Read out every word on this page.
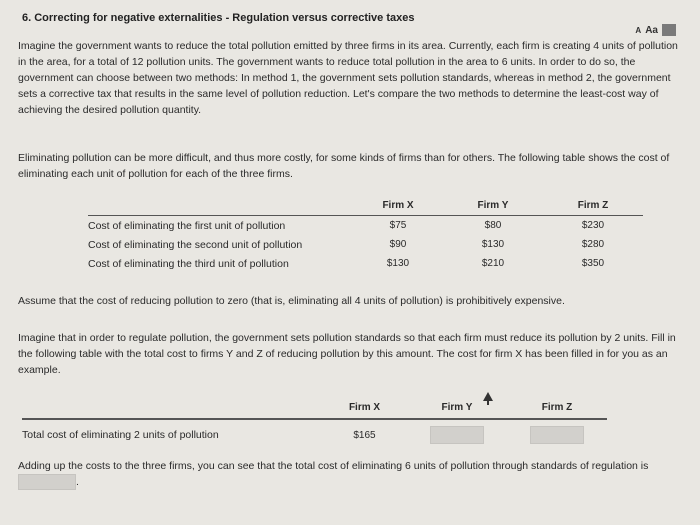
6. Correcting for negative externalities - Regulation versus corrective taxes
A Aa
Imagine the government wants to reduce the total pollution emitted by three firms in its area. Currently, each firm is creating 4 units of pollution in the area, for a total of 12 pollution units. The government wants to reduce total pollution in the area to 6 units. In order to do so, the government can choose between two methods: In method 1, the government sets pollution standards, whereas in method 2, the government sets a corrective tax that results in the same level of pollution reduction. Let's compare the two methods to determine the least-cost way of achieving the desired pollution quantity.
Eliminating pollution can be more difficult, and thus more costly, for some kinds of firms than for others. The following table shows the cost of eliminating each unit of pollution for each of the three firms.
	Firm X	Firm Y	Firm Z
Cost of eliminating the first unit of pollution	$75	$80	$230
Cost of eliminating the second unit of pollution	$90	$130	$280
Cost of eliminating the third unit of pollution	$130	$210	$350
Assume that the cost of reducing pollution to zero (that is, eliminating all 4 units of pollution) is prohibitively expensive.
Imagine that in order to regulate pollution, the government sets pollution standards so that each firm must reduce its pollution by 2 units. Fill in the following table with the total cost to firms Y and Z of reducing pollution by this amount. The cost for firm X has been filled in for you as an example.
	Firm X	Firm Y	Firm Z
Total cost of eliminating 2 units of pollution	$165		
Adding up the costs to the three firms, you can see that the total cost of eliminating 6 units of pollution through standards of regulation is .
